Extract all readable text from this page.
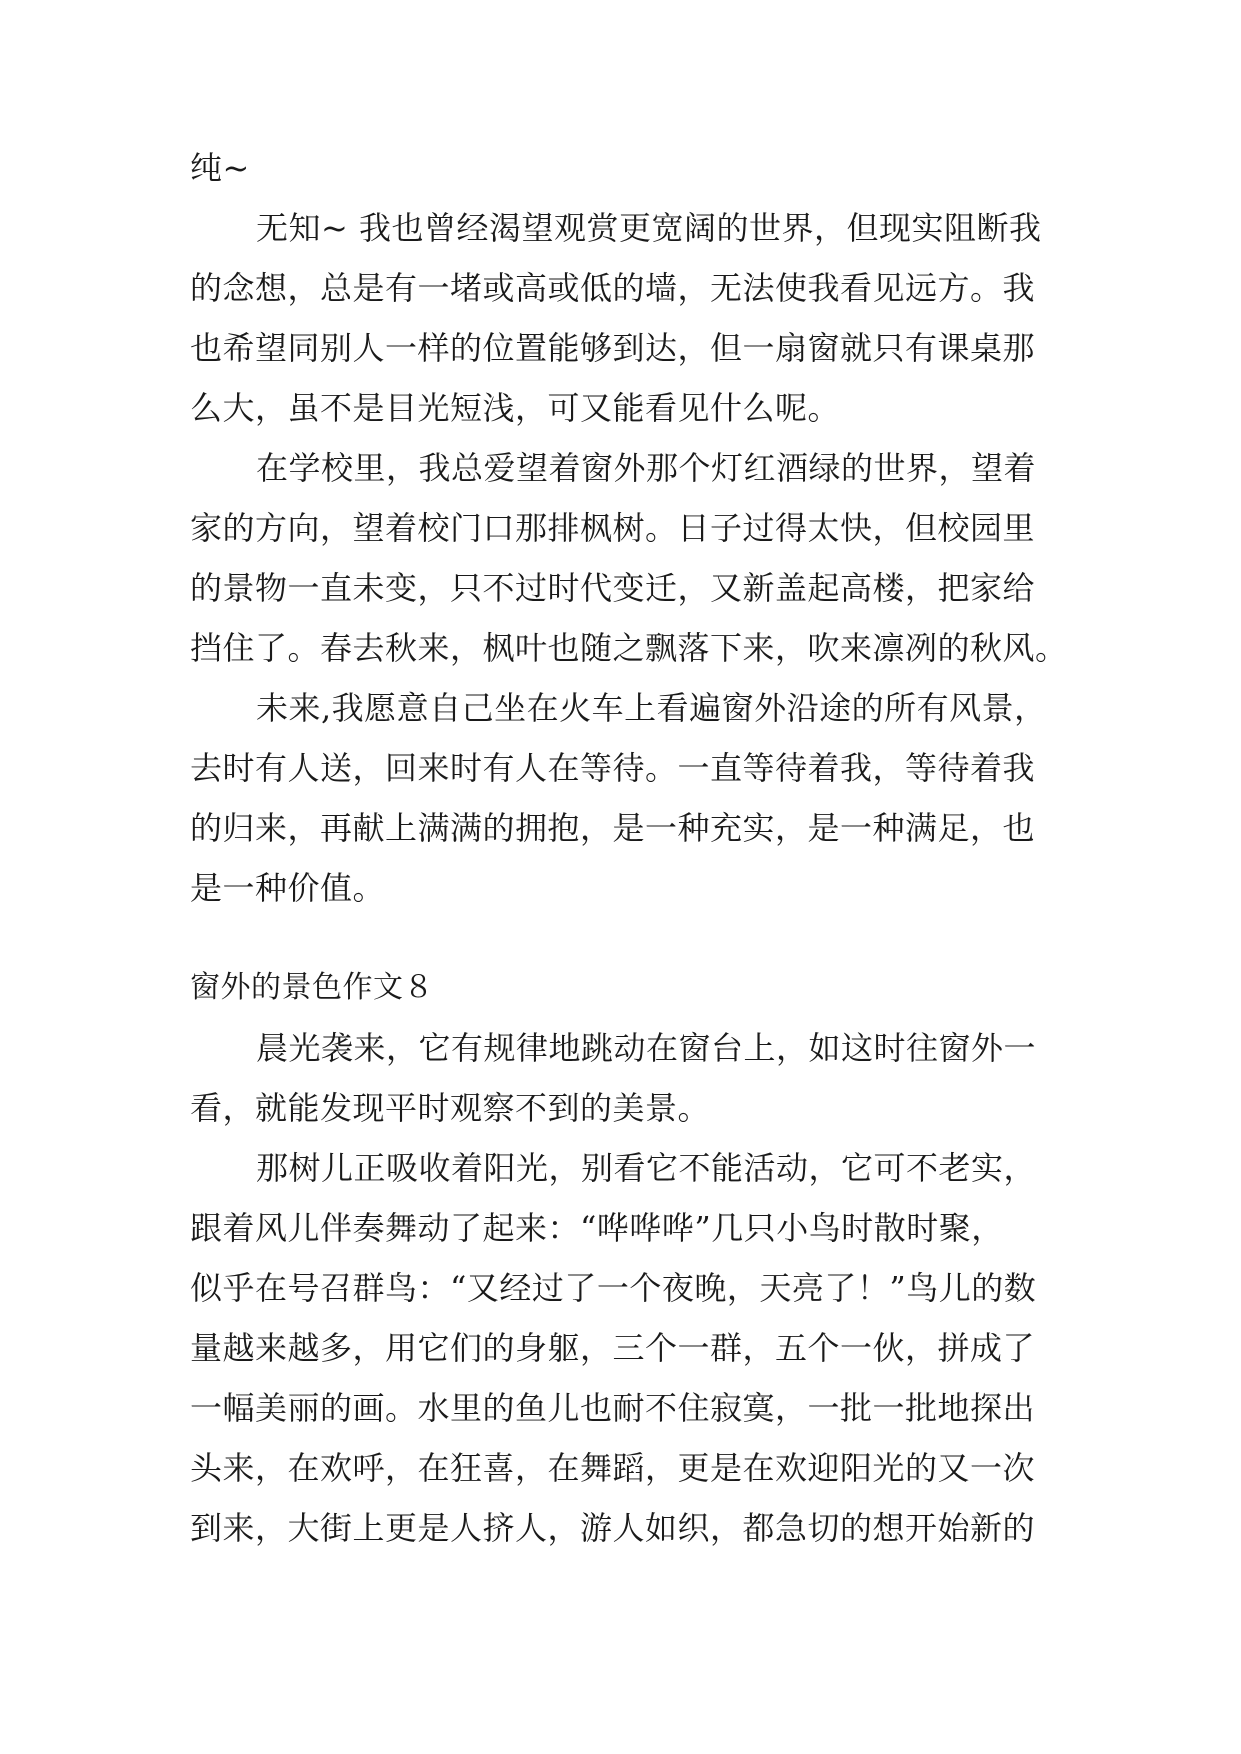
纯~
无知~ 我也曾经渴望观赏更宽阔的世界，但现实阻断我
的念想，总是有一堵或高或低的墙，无法使我看见远方。我
也希望同别人一样的位置能够到达，但一扇窗就只有课桌那
么大，虽不是目光短浅，可又能看见什么呢。
在学校里，我总爱望着窗外那个灯红酒绿的世界，望着
家的方向，望着校门口那排枫树。日子过得太快，但校园里
的景物一直未变，只不过时代变迁，又新盖起高楼，把家给
挡住了。春去秋来，枫叶也随之飘落下来，吹来凛冽的秋风。
未来,我愿意自己坐在火车上看遍窗外沿途的所有风景，
去时有人送，回来时有人在等待。一直等待着我，等待着我
的归来，再献上满满的拥抱，是一种充实，是一种满足，也
是一种价值。
窗外的景色作文８
晨光袭来，它有规律地跳动在窗台上，如这时往窗外一
看，就能发现平时观察不到的美景。
那树儿正吸收着阳光，别看它不能活动，它可不老实，
跟着风儿伴奏舞动了起来：“哗哗哗”几只小鸟时散时聚，
似乎在号召群鸟：“又经过了一个夜晚，天亮了！”鸟儿的数
量越来越多，用它们的身躯，三个一群，五个一伙，拼成了
一幅美丽的画。水里的鱼儿也耐不住寂寞，一批一批地探出
头来，在欢呼，在狂喜，在舞蹈，更是在欢迎阳光的又一次
到来，大街上更是人挤人，游人如织，都急切的想开始新的
